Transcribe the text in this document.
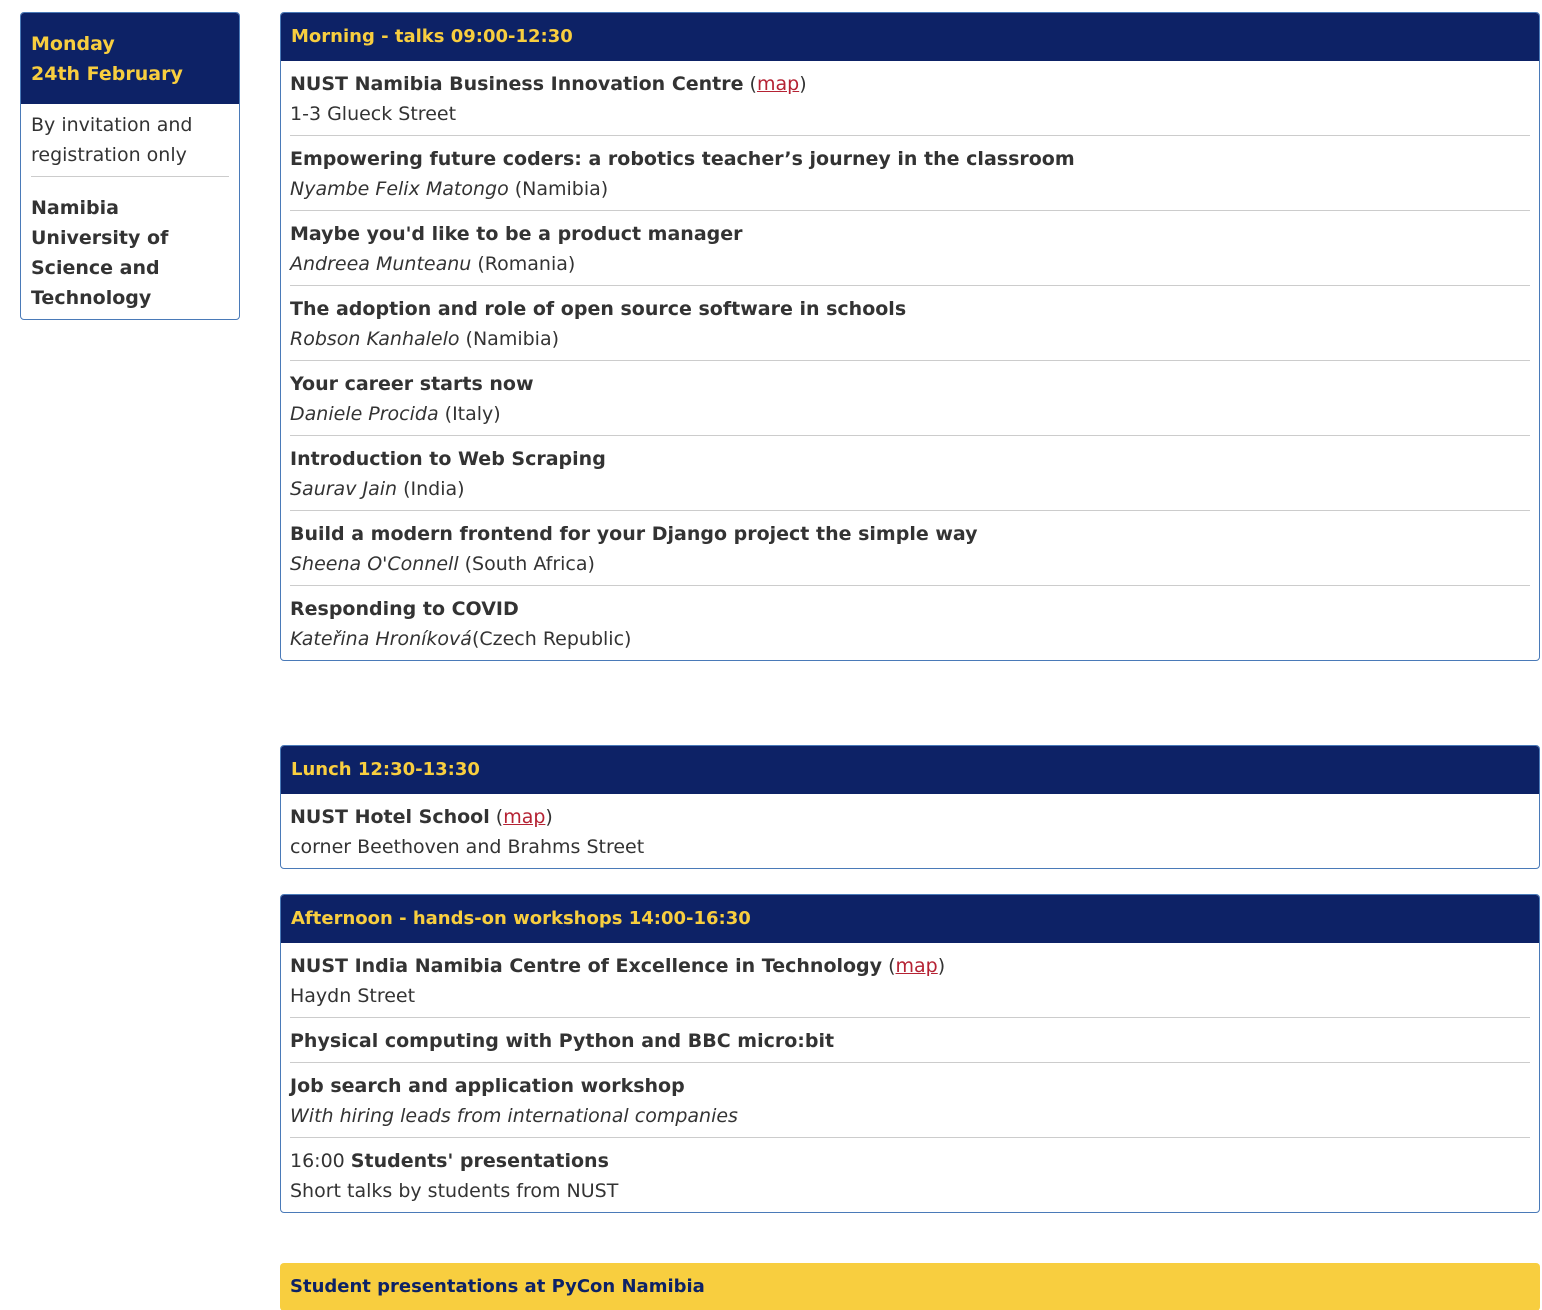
Monday
24th February
By invitation and registration only
Namibia University of Science and Technology
Morning - talks 09:00-12:30
NUST Namibia Business Innovation Centre (map)
1-3 Glueck Street
Empowering future coders: a robotics teacher’s journey in the classroom
Nyambe Felix Matongo (Namibia)
Maybe you'd like to be a product manager
Andreea Munteanu (Romania)
The adoption and role of open source software in schools
Robson Kanhalelo (Namibia)
Your career starts now
Daniele Procida (Italy)
Introduction to Web Scraping
Saurav Jain (India)
Build a modern frontend for your Django project the simple way
Sheena O'Connell (South Africa)
Responding to COVID
Kateřina Hroníková(Czech Republic)
Lunch 12:30-13:30
NUST Hotel School (map)
corner Beethoven and Brahms Street
Afternoon - hands-on workshops 14:00-16:30
NUST India Namibia Centre of Excellence in Technology (map)
Haydn Street
Physical computing with Python and BBC micro:bit
Job search and application workshop
With hiring leads from international companies
16:00 Students' presentations
Short talks by students from NUST
Student presentations at PyCon Namibia
